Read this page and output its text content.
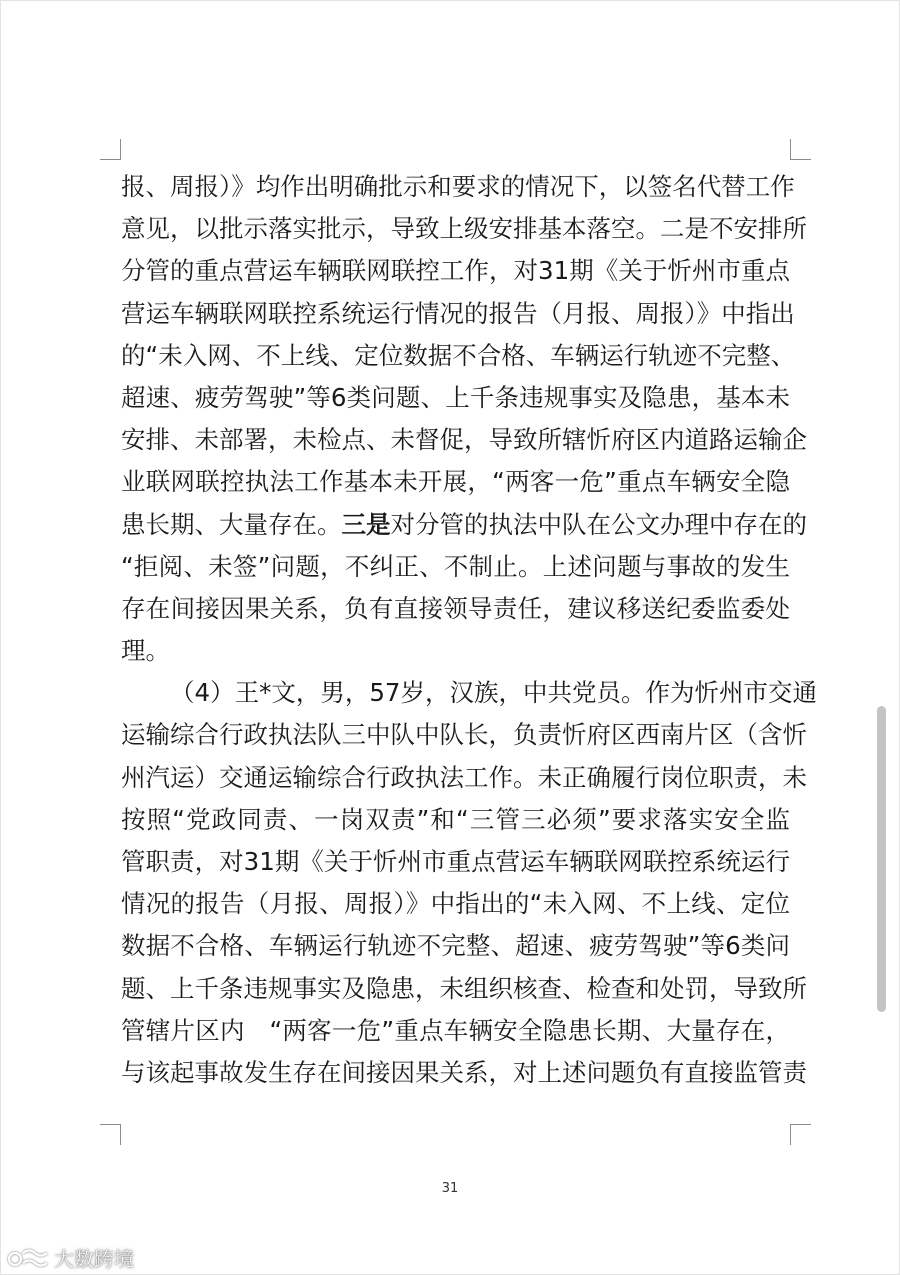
报、周报）》均作出明确批示和要求的情况下，以签名代替工作
意见，以批示落实批示，导致上级安排基本落空。二是不安排所
分管的重点营运车辆联网联控工作，对31期《关于忻州市重点
营运车辆联网联控系统运行情况的报告（月报、周报）》中指出
的“未入网、不上线、定位数据不合格、车辆运行轨迹不完整、
超速、疲劳驾驶”等6类问题、上千条违规事实及隐患，基本未
安排、未部署，未检点、未督促，导致所辖忻府区内道路运输企
业联网联控执法工作基本未开展，“两客一危”重点车辆安全隐
患长期、大量存在。三是对分管的执法中队在公文办理中存在的
“拒阅、未签”问题，不纠正、不制止。上述问题与事故的发生
存在间接因果关系，负有直接领导责任，建议移送纪委监委处
理。
（4）王*文，男，57岁，汉族，中共党员。作为忻州市交通
运输综合行政执法队三中队中队长，负责忻府区西南片区（含忻
州汽运）交通运输综合行政执法工作。未正确履行岗位职责，未
按照“党政同责、一岗双责”和“三管三必须”要求落实安全监
管职责，对31期《关于忻州市重点营运车辆联网联控系统运行
情况的报告（月报、周报）》中指出的“未入网、不上线、定位
数据不合格、车辆运行轨迹不完整、超速、疲劳驾驶”等6类问
题、上千条违规事实及隐患，未组织核查、检查和处罚，导致所
管辖片区内　“两客一危”重点车辆安全隐患长期、大量存在，
与该起事故发生存在间接因果关系，对上述问题负有直接监管责
31
大数跨境
